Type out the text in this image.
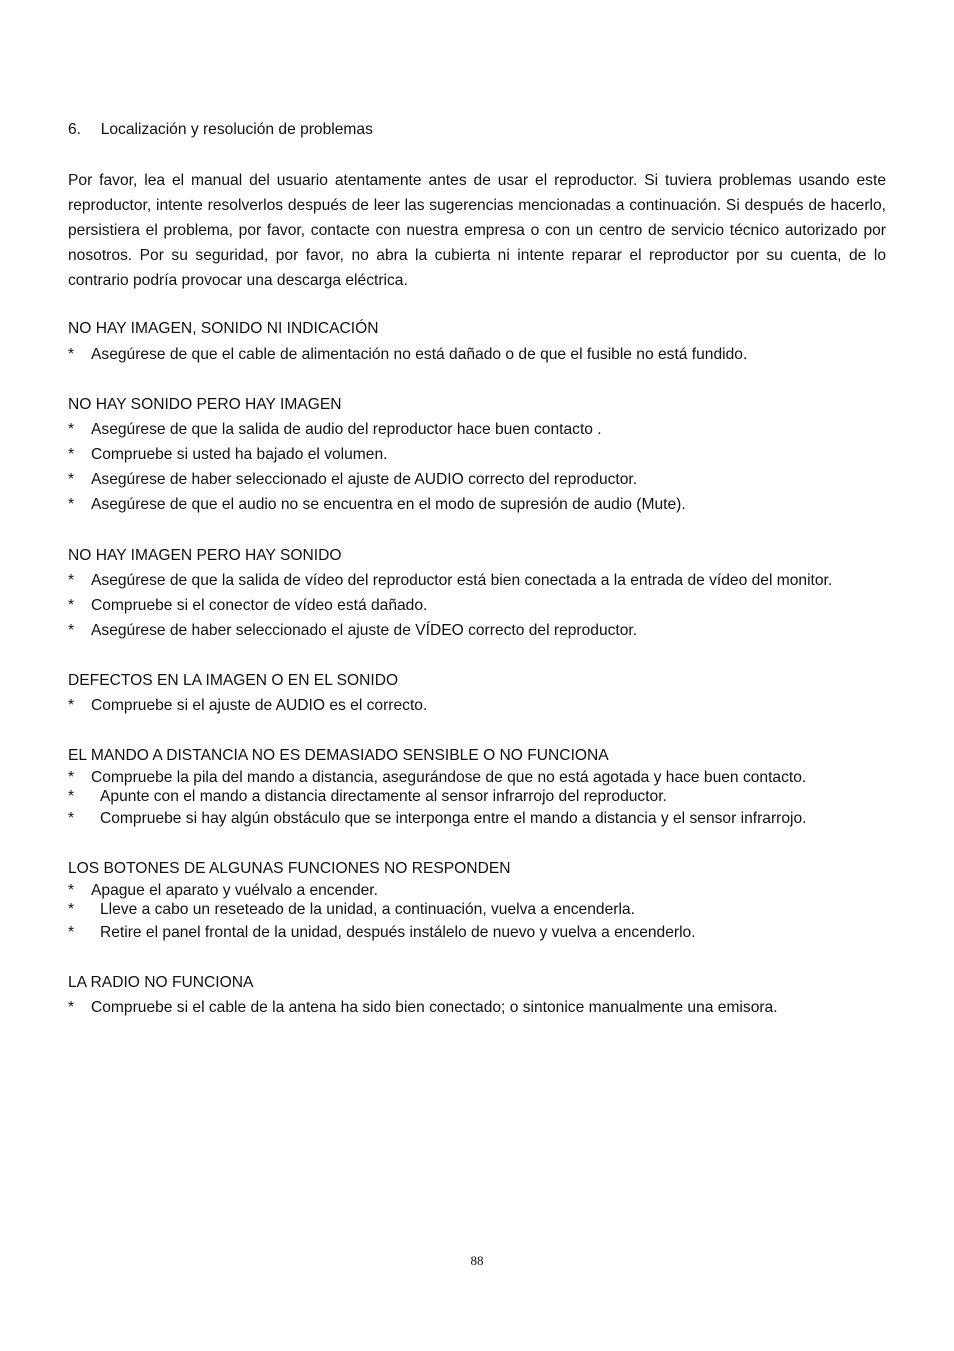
6. Localización y resolución de problemas
Por favor, lea el manual del usuario atentamente antes de usar el reproductor. Si tuviera problemas usando este reproductor, intente resolverlos después de leer las sugerencias mencionadas a continuación. Si después de hacerlo, persistiera el problema, por favor, contacte con nuestra empresa o con un centro de servicio técnico autorizado por nosotros. Por su seguridad, por favor, no abra la cubierta ni intente reparar el reproductor por su cuenta, de lo contrario podría provocar una descarga eléctrica.
NO HAY IMAGEN, SONIDO NI INDICACIÓN
* Asegúrese de que el cable de alimentación no está dañado o de que el fusible no está fundido.
NO HAY SONIDO PERO HAY IMAGEN
* Asegúrese de que la salida de audio del reproductor hace buen contacto .
* Compruebe si usted ha bajado el volumen.
* Asegúrese de haber seleccionado el ajuste de AUDIO correcto del reproductor.
* Asegúrese de que el audio no se encuentra en el modo de supresión de audio (Mute).
NO HAY IMAGEN PERO HAY SONIDO
* Asegúrese de que la salida de vídeo del reproductor está bien conectada a la entrada de vídeo del monitor.
* Compruebe si el conector de vídeo está dañado.
* Asegúrese de haber seleccionado el ajuste de VÍDEO correcto del reproductor.
DEFECTOS EN LA IMAGEN O EN EL SONIDO
* Compruebe si el ajuste de AUDIO es el correcto.
EL MANDO A DISTANCIA NO ES DEMASIADO SENSIBLE O NO FUNCIONA
* Compruebe la pila del mando a distancia, asegurándose de que no está agotada y hace buen contacto.
* Apunte con el mando a distancia directamente al sensor infrarrojo del reproductor.
* Compruebe si hay algún obstáculo que se interponga entre el mando a distancia y el sensor infrarrojo.
LOS BOTONES DE ALGUNAS FUNCIONES NO RESPONDEN
* Apague el aparato y vuélvalo a encender.
* Lleve a cabo un reseteado de la unidad, a continuación, vuelva a encenderla.
* Retire el panel frontal de la unidad, después instálelo de nuevo y vuelva a encenderlo.
LA RADIO NO FUNCIONA
* Compruebe si el cable de la antena ha sido bien conectado; o sintonice manualmente una emisora.
88
